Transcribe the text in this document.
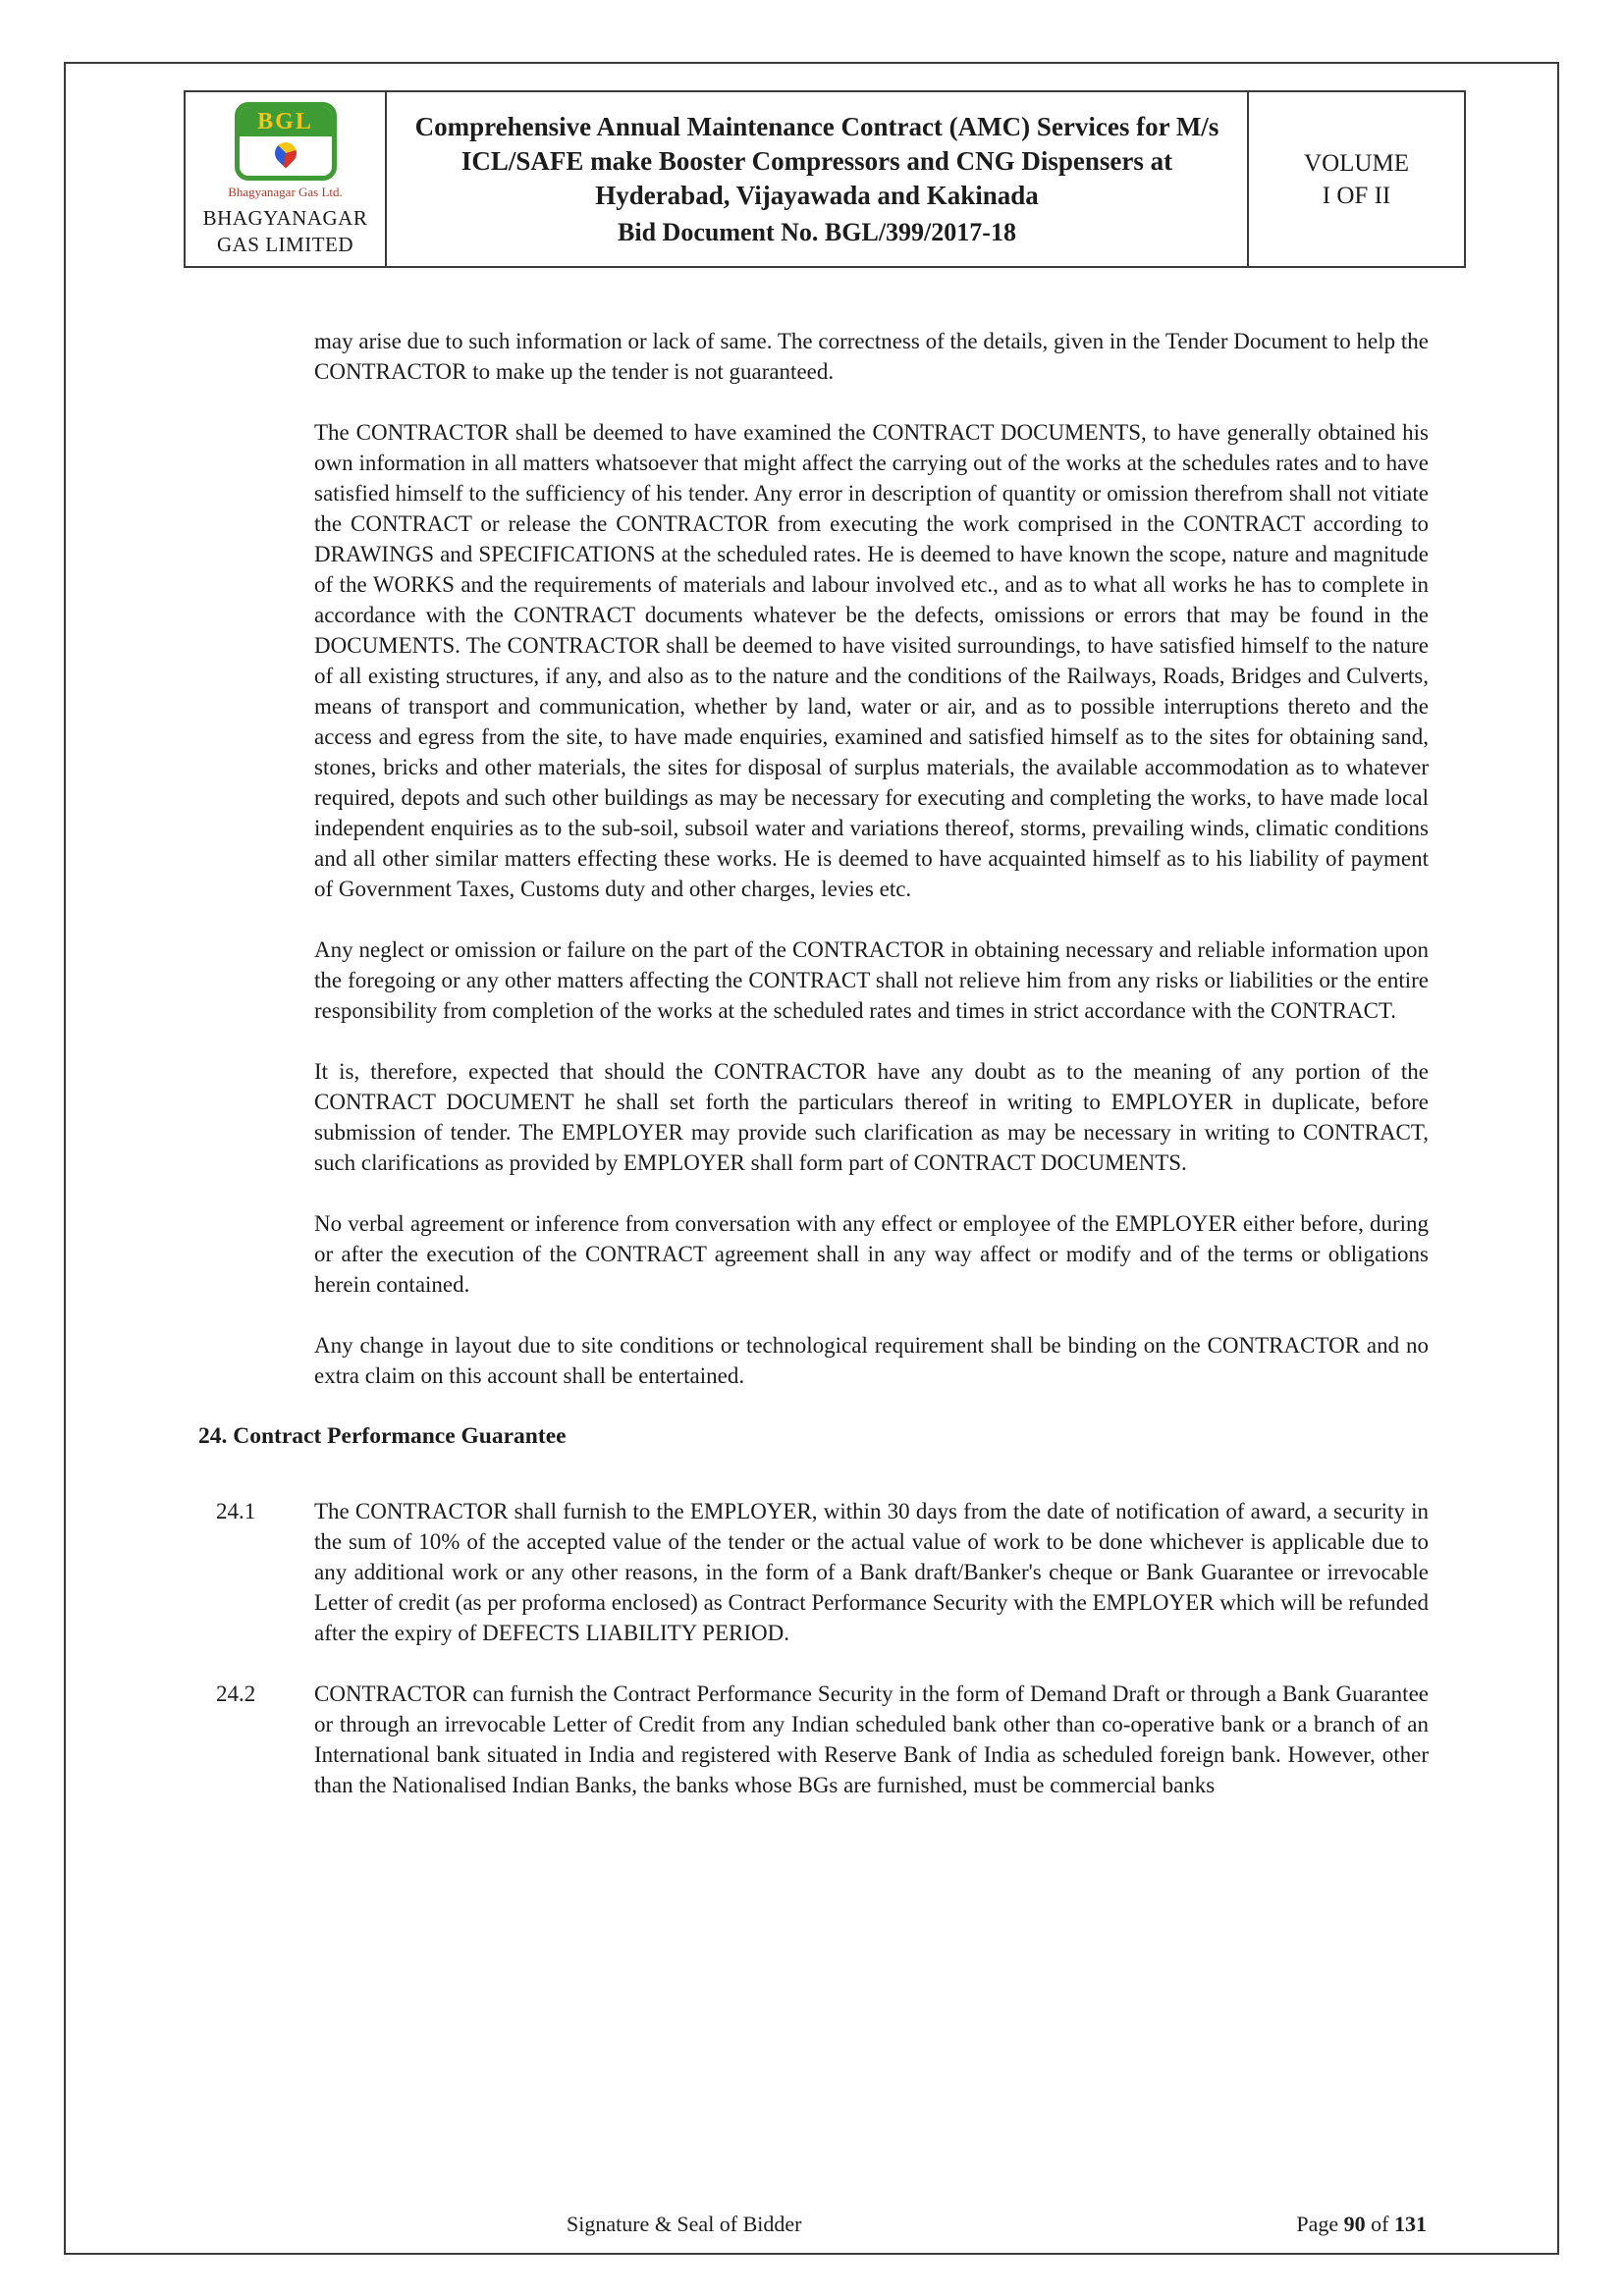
BGL
Bhagyanagar Gas Ltd.
BHAGYANAGAR
GAS LIMITED

Comprehensive Annual Maintenance Contract (AMC) Services for M/s ICL/SAFE make Booster Compressors and CNG Dispensers at Hyderabad, Vijayawada and Kakinada
Bid Document No. BGL/399/2017-18

VOLUME
I OF II

may arise due to such information or lack of same. The correctness of the details, given in the Tender Document to help the CONTRACTOR to make up the tender is not guaranteed.

The CONTRACTOR shall be deemed to have examined the CONTRACT DOCUMENTS, to have generally obtained his own information in all matters whatsoever that might affect the carrying out of the works at the schedules rates and to have satisfied himself to the sufficiency of his tender. Any error in description of quantity or omission therefrom shall not vitiate the CONTRACT or release the CONTRACTOR from executing the work comprised in the CONTRACT according to DRAWINGS and SPECIFICATIONS at the scheduled rates. He is deemed to have known the scope, nature and magnitude of the WORKS and the requirements of materials and labour involved etc., and as to what all works he has to complete in accordance with the CONTRACT documents whatever be the defects, omissions or errors that may be found in the DOCUMENTS. The CONTRACTOR shall be deemed to have visited surroundings, to have satisfied himself to the nature of all existing structures, if any, and also as to the nature and the conditions of the Railways, Roads, Bridges and Culverts, means of transport and communication, whether by land, water or air, and as to possible interruptions thereto and the access and egress from the site, to have made enquiries, examined and satisfied himself as to the sites for obtaining sand, stones, bricks and other materials, the sites for disposal of surplus materials, the available accommodation as to whatever required, depots and such other buildings as may be necessary for executing and completing the works, to have made local independent enquiries as to the sub-soil, subsoil water and variations thereof, storms, prevailing winds, climatic conditions and all other similar matters effecting these works. He is deemed to have acquainted himself as to his liability of payment of Government Taxes, Customs duty and other charges, levies etc.

Any neglect or omission or failure on the part of the CONTRACTOR in obtaining necessary and reliable information upon the foregoing or any other matters affecting the CONTRACT shall not relieve him from any risks or liabilities or the entire responsibility from completion of the works at the scheduled rates and times in strict accordance with the CONTRACT.

It is, therefore, expected that should the CONTRACTOR have any doubt as to the meaning of any portion of the CONTRACT DOCUMENT he shall set forth the particulars thereof in writing to EMPLOYER in duplicate, before submission of tender. The EMPLOYER may provide such clarification as may be necessary in writing to CONTRACT, such clarifications as provided by EMPLOYER shall form part of CONTRACT DOCUMENTS.

No verbal agreement or inference from conversation with any effect or employee of the EMPLOYER either before, during or after the execution of the CONTRACT agreement shall in any way affect or modify and of the terms or obligations herein contained.

Any change in layout due to site conditions or technological requirement shall be binding on the CONTRACTOR and no extra claim on this account shall be entertained.

24. Contract Performance Guarantee
24.1	The CONTRACTOR shall furnish to the EMPLOYER, within 30 days from the date of notification of award, a security in the sum of 10% of the accepted value of the tender or the actual value of work to be done whichever is applicable due to any additional work or any other reasons, in the form of a Bank draft/Banker's cheque or Bank Guarantee or irrevocable Letter of credit (as per proforma enclosed) as Contract Performance Security with the EMPLOYER which will be refunded after the expiry of DEFECTS LIABILITY PERIOD.
24.2	CONTRACTOR can furnish the Contract Performance Security in the form of Demand Draft or through a Bank Guarantee or through an irrevocable Letter of Credit from any Indian scheduled bank other than co-operative bank or a branch of an International bank situated in India and registered with Reserve Bank of India as scheduled foreign bank. However, other than the Nationalised Indian Banks, the banks whose BGs are furnished, must be commercial banks
Signature & Seal of Bidder	Page 90 of 131
